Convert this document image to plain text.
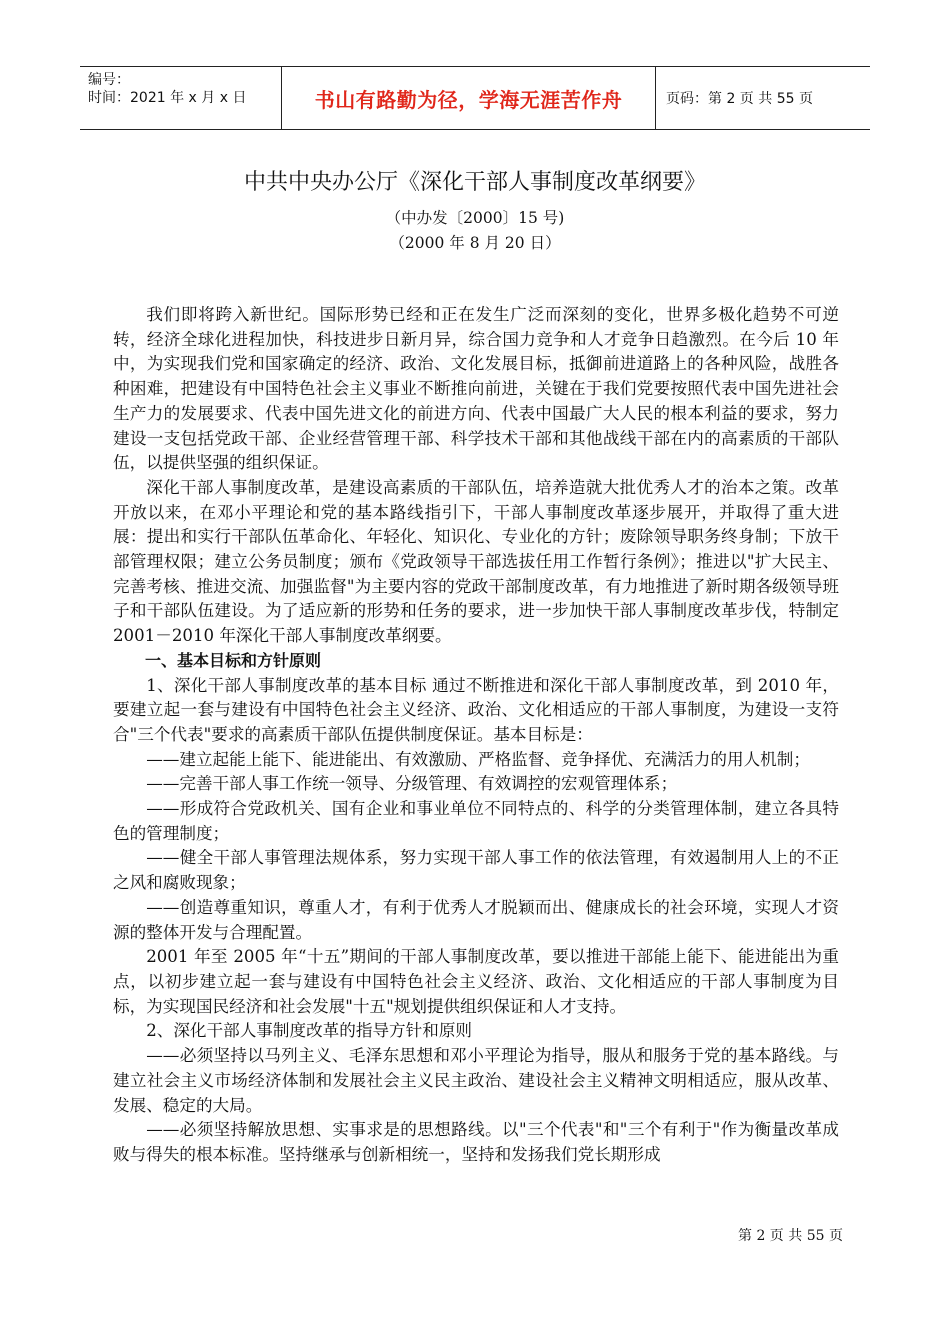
编号：
时间：2021 年 x 月 x 日	书山有路勤为径，学海无涯苦作舟	页码：第 2 页 共 55 页
中共中央办公厅《深化干部人事制度改革纲要》
（中办发〔2000〕15 号)
（2000 年 8 月 20 日）

我们即将跨入新世纪。国际形势已经和正在发生广泛而深刻的变化，世界多极化趋势不可逆转，经济全球化进程加快，科技进步日新月异，综合国力竞争和人才竞争日趋激烈。在今后 10 年中，为实现我们党和国家确定的经济、政治、文化发展目标，抵御前进道路上的各种风险，战胜各种困难，把建设有中国特色社会主义事业不断推向前进，关键在于我们党要按照代表中国先进社会生产力的发展要求、代表中国先进文化的前进方向、代表中国最广大人民的根本利益的要求，努力建设一支包括党政干部、企业经营管理干部、科学技术干部和其他战线干部在内的高素质的干部队伍，以提供坚强的组织保证。

深化干部人事制度改革，是建设高素质的干部队伍，培养造就大批优秀人才的治本之策。改革开放以来，在邓小平理论和党的基本路线指引下，干部人事制度改革逐步展开，并取得了重大进展：提出和实行干部队伍革命化、年轻化、知识化、专业化的方针；废除领导职务终身制；下放干部管理权限；建立公务员制度；颁布《党政领导干部选拔任用工作暂行条例》；推进以"扩大民主、完善考核、推进交流、加强监督"为主要内容的党政干部制度改革，有力地推进了新时期各级领导班子和干部队伍建设。为了适应新的形势和任务的要求，进一步加快干部人事制度改革步伐，特制定 2001－2010 年深化干部人事制度改革纲要。

一、基本目标和方针原则

1、深化干部人事制度改革的基本目标 通过不断推进和深化干部人事制度改革，到 2010 年，要建立起一套与建设有中国特色社会主义经济、政治、文化相适应的干部人事制度，为建设一支符合"三个代表"要求的高素质干部队伍提供制度保证。基本目标是：

——建立起能上能下、能进能出、有效激励、严格监督、竞争择优、充满活力的用人机制；

——完善干部人事工作统一领导、分级管理、有效调控的宏观管理体系；

——形成符合党政机关、国有企业和事业单位不同特点的、科学的分类管理体制，建立各具特色的管理制度；

——健全干部人事管理法规体系，努力实现干部人事工作的依法管理，有效遏制用人上的不正之风和腐败现象；

——创造尊重知识，尊重人才，有利于优秀人才脱颖而出、健康成长的社会环境，实现人才资源的整体开发与合理配置。

2001 年至 2005 年“十五”期间的干部人事制度改革，要以推进干部能上能下、能进能出为重点，以初步建立起一套与建设有中国特色社会主义经济、政治、文化相适应的干部人事制度为目标，为实现国民经济和社会发展"十五"规划提供组织保证和人才支持。

2、深化干部人事制度改革的指导方针和原则

——必须坚持以马列主义、毛泽东思想和邓小平理论为指导，服从和服务于党的基本路线。与建立社会主义市场经济体制和发展社会主义民主政治、建设社会主义精神文明相适应，服从改革、发展、稳定的大局。

——必须坚持解放思想、实事求是的思想路线。以"三个代表"和"三个有利于"作为衡量改革成败与得失的根本标准。坚持继承与创新相统一，坚持和发扬我们党长期形成

第 2 页 共 55 页
